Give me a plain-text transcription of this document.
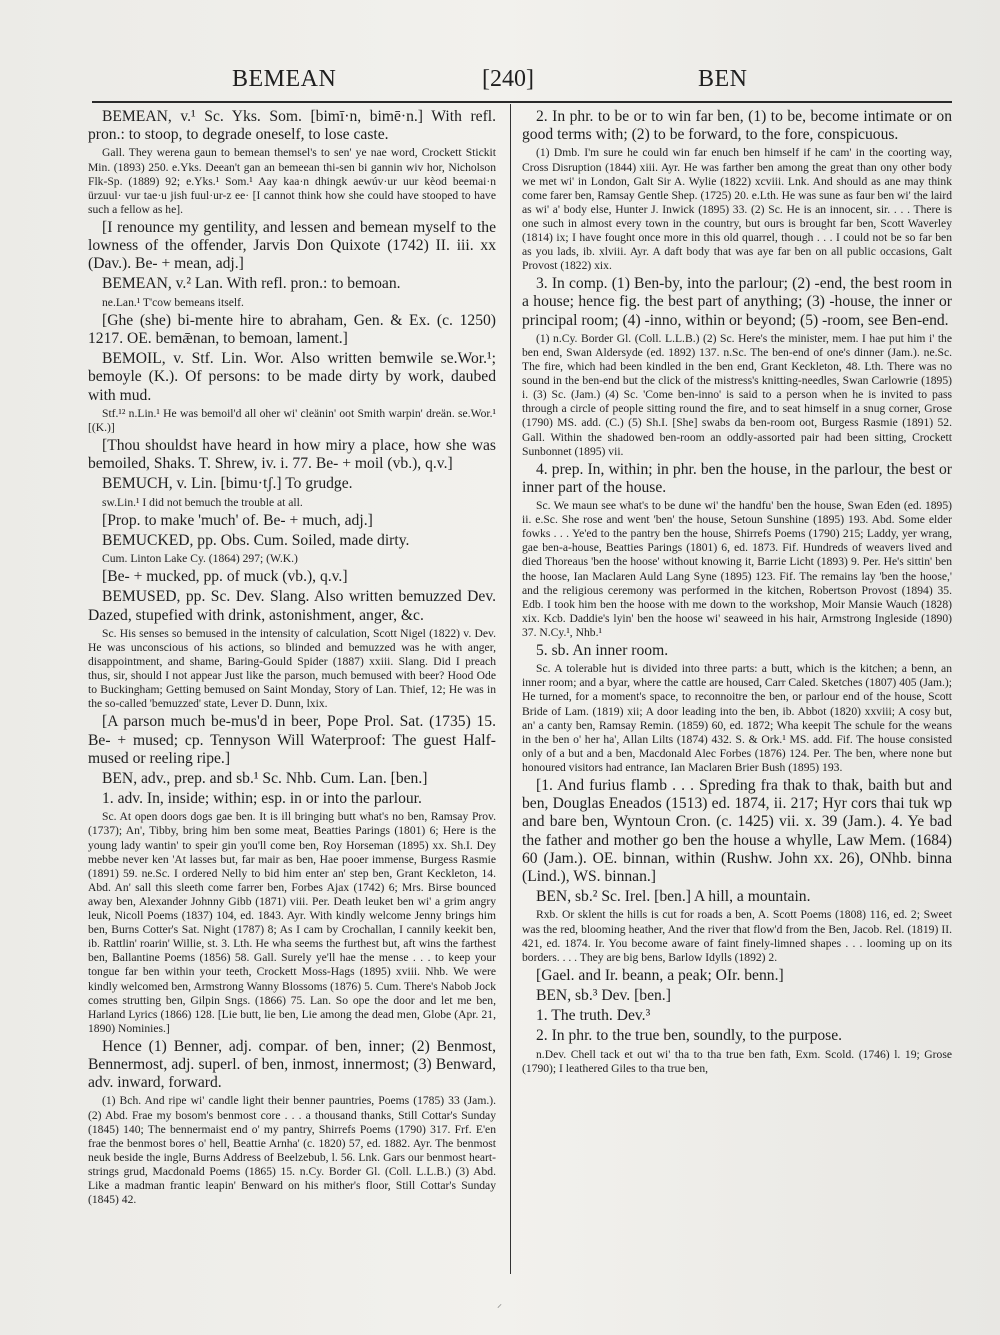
BEMEAN	[240]	BEN

BEMEAN, v.¹ Sc. Yks. Som. [bimī·n, bimē·n.] With refl. pron.: to stoop, to degrade oneself, to lose caste.

Gall. They werena gaun to bemean themsel's to sen' ye nae word, Crockett Stickit Min. (1893) 250. e.Yks. Deean't gan an bemeean thi-sen bi gannin wiv hor, Nicholson Flk-Sp. (1889) 92; e.Yks.¹ Som.¹ Aay kaa·n dhingk aewúv·ur uur kèod beemai·n ürzuul· vur tae·u jish fuul·ur-z ee· [I cannot think how she could have stooped to have such a fellow as he].

[I renounce my gentility, and lessen and bemean myself to the lowness of the offender, Jarvis Don Quixote (1742) II. iii. xx (Dav.). Be- + mean, adj.]

BEMEAN, v.² Lan. With refl. pron.: to bemoan.

ne.Lan.¹ T'cow bemeans itself.

[Ghe (she) bi-mente hire to abraham, Gen. & Ex. (c. 1250) 1217. OE. bemǣnan, to bemoan, lament.]

BEMOIL, v. Stf. Lin. Wor. Also written bemwile se.Wor.¹; bemoyle (K.). Of persons: to be made dirty by work, daubed with mud.

Stf.¹² n.Lin.¹ He was bemoil'd all oher wi' cleänin' oot Smith warpin' dreän. se.Wor.¹ [(K.)]

[Thou shouldst have heard in how miry a place, how she was bemoiled, Shaks. T. Shrew, iv. i. 77. Be- + moil (vb.), q.v.]

BEMUCH, v. Lin. [bimu·tʃ.] To grudge.

sw.Lin.¹ I did not bemuch the trouble at all.

[Prop. to make 'much' of. Be- + much, adj.]

BEMUCKED, pp. Obs. Cum. Soiled, made dirty.

Cum. Linton Lake Cy. (1864) 297; (W.K.)

[Be- + mucked, pp. of muck (vb.), q.v.]

BEMUSED, pp. Sc. Dev. Slang. Also written bemuzzed Dev. Dazed, stupefied with drink, astonishment, anger, &c.

Sc. His senses so bemused in the intensity of calculation, Scott Nigel (1822) v. Dev. He was unconscious of his actions, so blinded and bemuzzed was he with anger, disappointment, and shame, Baring-Gould Spider (1887) xxiii. Slang. Did I preach thus, sir, should I not appear Just like the parson, much bemused with beer? Hood Ode to Buckingham; Getting bemused on Saint Monday, Story of Lan. Thief, 12; He was in the so-called 'bemuzzed' state, Lever D. Dunn, lxix.

[A parson much be-mus'd in beer, Pope Prol. Sat. (1735) 15. Be- + mused; cp. Tennyson Will Waterproof: The guest Half-mused or reeling ripe.]

BEN, adv., prep. and sb.¹ Sc. Nhb. Cum. Lan. [ben.]

1. adv. In, inside; within; esp. in or into the parlour.

Sc. At open doors dogs gae ben. It is ill bringing butt what's no ben, Ramsay Prov. (1737); An', Tibby, bring him ben some meat, Beatties Parings (1801) 6; Here is the young lady wantin' to speir gin you'll come ben, Roy Horseman (1895) xx. Sh.I. Dey mebbe never ken 'At lasses but, far mair as ben, Hae pooer immense, Burgess Rasmie (1891) 59. ne.Sc. I ordered Nelly to bid him enter an' step ben, Grant Keckleton, 14. Abd. An' sall this sleeth come farrer ben, Forbes Ajax (1742) 6; Mrs. Birse bounced away ben, Alexander Johnny Gibb (1871) viii. Per. Death leuket ben wi' a grim angry leuk, Nicoll Poems (1837) 104, ed. 1843. Ayr. With kindly welcome Jenny brings him ben, Burns Cotter's Sat. Night (1787) 8; As I cam by Crochallan, I cannily keekit ben, ib. Rattlin' roarin' Willie, st. 3. Lth. He wha seems the furthest but, aft wins the farthest ben, Ballantine Poems (1856) 58. Gall. Surely ye'll hae the mense . . . to keep your tongue far ben within your teeth, Crockett Moss-Hags (1895) xviii. Nhb. We were kindly welcomed ben, Armstrong Wanny Blossoms (1876) 5. Cum. There's Nabob Jock comes strutting ben, Gilpin Sngs. (1866) 75. Lan. So ope the door and let me ben, Harland Lyrics (1866) 128. [Lie butt, lie ben, Lie among the dead men, Globe (Apr. 21, 1890) Nominies.]

Hence (1) Benner, adj. compar. of ben, inner; (2) Benmost, Bennermost, adj. superl. of ben, inmost, innermost; (3) Benward, adv. inward, forward.

(1) Bch. And ripe wi' candle light their benner pauntries, Poems (1785) 33 (Jam.). (2) Abd. Frae my bosom's benmost core . . . a thousand thanks, Still Cottar's Sunday (1845) 140; The bennermaist end o' my pantry, Shirrefs Poems (1790) 317. Frf. E'en frae the benmost bores o' hell, Beattie Arnha' (c. 1820) 57, ed. 1882. Ayr. The benmost neuk beside the ingle, Burns Address of Beelzebub, l. 56. Lnk. Gars our benmost heart-strings grud, Macdonald Poems (1865) 15. n.Cy. Border Gl. (Coll. L.L.B.) (3) Abd. Like a madman frantic leapin' Benward on his mither's floor, Still Cottar's Sunday (1845) 42.

2. In phr. to be or to win far ben, (1) to be, become intimate or on good terms with; (2) to be forward, to the fore, conspicuous.

(1) Dmb. I'm sure he could win far enuch ben himself if he cam' in the coorting way, Cross Disruption (1844) xiii. Ayr. He was farther ben among the great than ony other body we met wi' in London, Galt Sir A. Wylie (1822) xcviii. Lnk. And should as ane may think come farer ben, Ramsay Gentle Shep. (1725) 20. e.Lth. He was sune as faur ben wi' the laird as wi' a' body else, Hunter J. Inwick (1895) 33. (2) Sc. He is an innocent, sir. . . . There is one such in almost every town in the country, but ours is brought far ben, Scott Waverley (1814) ix; I have fought once more in this old quarrel, though . . . I could not be so far ben as you lads, ib. xlviii. Ayr. A daft body that was aye far ben on all public occasions, Galt Provost (1822) xix.

3. In comp. (1) Ben-by, into the parlour; (2) -end, the best room in a house; hence fig. the best part of anything; (3) -house, the inner or principal room; (4) -inno, within or beyond; (5) -room, see Ben-end.

(1) n.Cy. Border Gl. (Coll. L.L.B.) (2) Sc. Here's the minister, mem. I hae put him i' the ben end, Swan Aldersyde (ed. 1892) 137. n.Sc. The ben-end of one's dinner (Jam.). ne.Sc. The fire, which had been kindled in the ben end, Grant Keckleton, 48. Lth. There was no sound in the ben-end but the click of the mistress's knitting-needles, Swan Carlowrie (1895) i. (3) Sc. (Jam.) (4) Sc. 'Come ben-inno' is said to a person when he is invited to pass through a circle of people sitting round the fire, and to seat himself in a snug corner, Grose (1790) MS. add. (C.) (5) Sh.I. [She] swabs da ben-room oot, Burgess Rasmie (1891) 52. Gall. Within the shadowed ben-room an oddly-assorted pair had been sitting, Crockett Sunbonnet (1895) vii.

4. prep. In, within; in phr. ben the house, in the parlour, the best or inner part of the house.

Sc. We maun see what's to be dune wi' the handfu' ben the house, Swan Eden (ed. 1895) ii. e.Sc. She rose and went 'ben' the house, Setoun Sunshine (1895) 193. Abd. Some elder fowks . . . Ye'ed to the pantry ben the house, Shirrefs Poems (1790) 215; Laddy, yer wrang, gae ben-a-house, Beatties Parings (1801) 6, ed. 1873. Fif. Hundreds of weavers lived and died Thoreaus 'ben the hoose' without knowing it, Barrie Licht (1893) 9. Per. He's sittin' ben the hoose, Ian Maclaren Auld Lang Syne (1895) 123. Fif. The remains lay 'ben the hoose,' and the religious ceremony was performed in the kitchen, Robertson Provost (1894) 35. Edb. I took him ben the hoose with me down to the workshop, Moir Mansie Wauch (1828) xix. Kcb. Daddie's lyin' ben the hoose wi' seaweed in his hair, Armstrong Ingleside (1890) 37. N.Cy.¹, Nhb.¹

5. sb. An inner room.

Sc. A tolerable hut is divided into three parts: a butt, which is the kitchen; a benn, an inner room; and a byar, where the cattle are housed, Carr Caled. Sketches (1807) 405 (Jam.); He turned, for a moment's space, to reconnoitre the ben, or parlour end of the house, Scott Bride of Lam. (1819) xii; A door leading into the ben, ib. Abbot (1820) xxviii; A cosy but, an' a canty ben, Ramsay Remin. (1859) 60, ed. 1872; Wha keepit The schule for the weans in the ben o' her ha', Allan Lilts (1874) 432. S. & Ork.¹ MS. add. Fif. The house consisted only of a but and a ben, Macdonald Alec Forbes (1876) 124. Per. The ben, where none but honoured visitors had entrance, Ian Maclaren Brier Bush (1895) 193.

[1. And furius flamb . . . Spreding fra thak to thak, baith but and ben, Douglas Eneados (1513) ed. 1874, ii. 217; Hyr cors thai tuk wp and bare ben, Wyntoun Cron. (c. 1425) vii. x. 39 (Jam.). 4. Ye bad the father and mother go ben the house a whylle, Law Mem. (1684) 60 (Jam.). OE. binnan, within (Rushw. John xx. 26), ONhb. binna (Lind.), WS. binnan.]

BEN, sb.² Sc. Irel. [ben.] A hill, a mountain.

Rxb. Or sklent the hills is cut for roads a ben, A. Scott Poems (1808) 116, ed. 2; Sweet was the red, blooming heather, And the river that flow'd from the Ben, Jacob. Rel. (1819) II. 421, ed. 1874. Ir. You become aware of faint finely-limned shapes . . . looming up on its borders. . . . They are big bens, Barlow Idylls (1892) 2.

[Gael. and Ir. beann, a peak; OIr. benn.]

BEN, sb.³ Dev. [ben.]

1. The truth. Dev.³

2. In phr. to the true ben, soundly, to the purpose.

n.Dev. Chell tack et out wi' tha to tha true ben fath, Exm. Scold. (1746) l. 19; Grose (1790); I leathered Giles to tha true ben,

⸝
